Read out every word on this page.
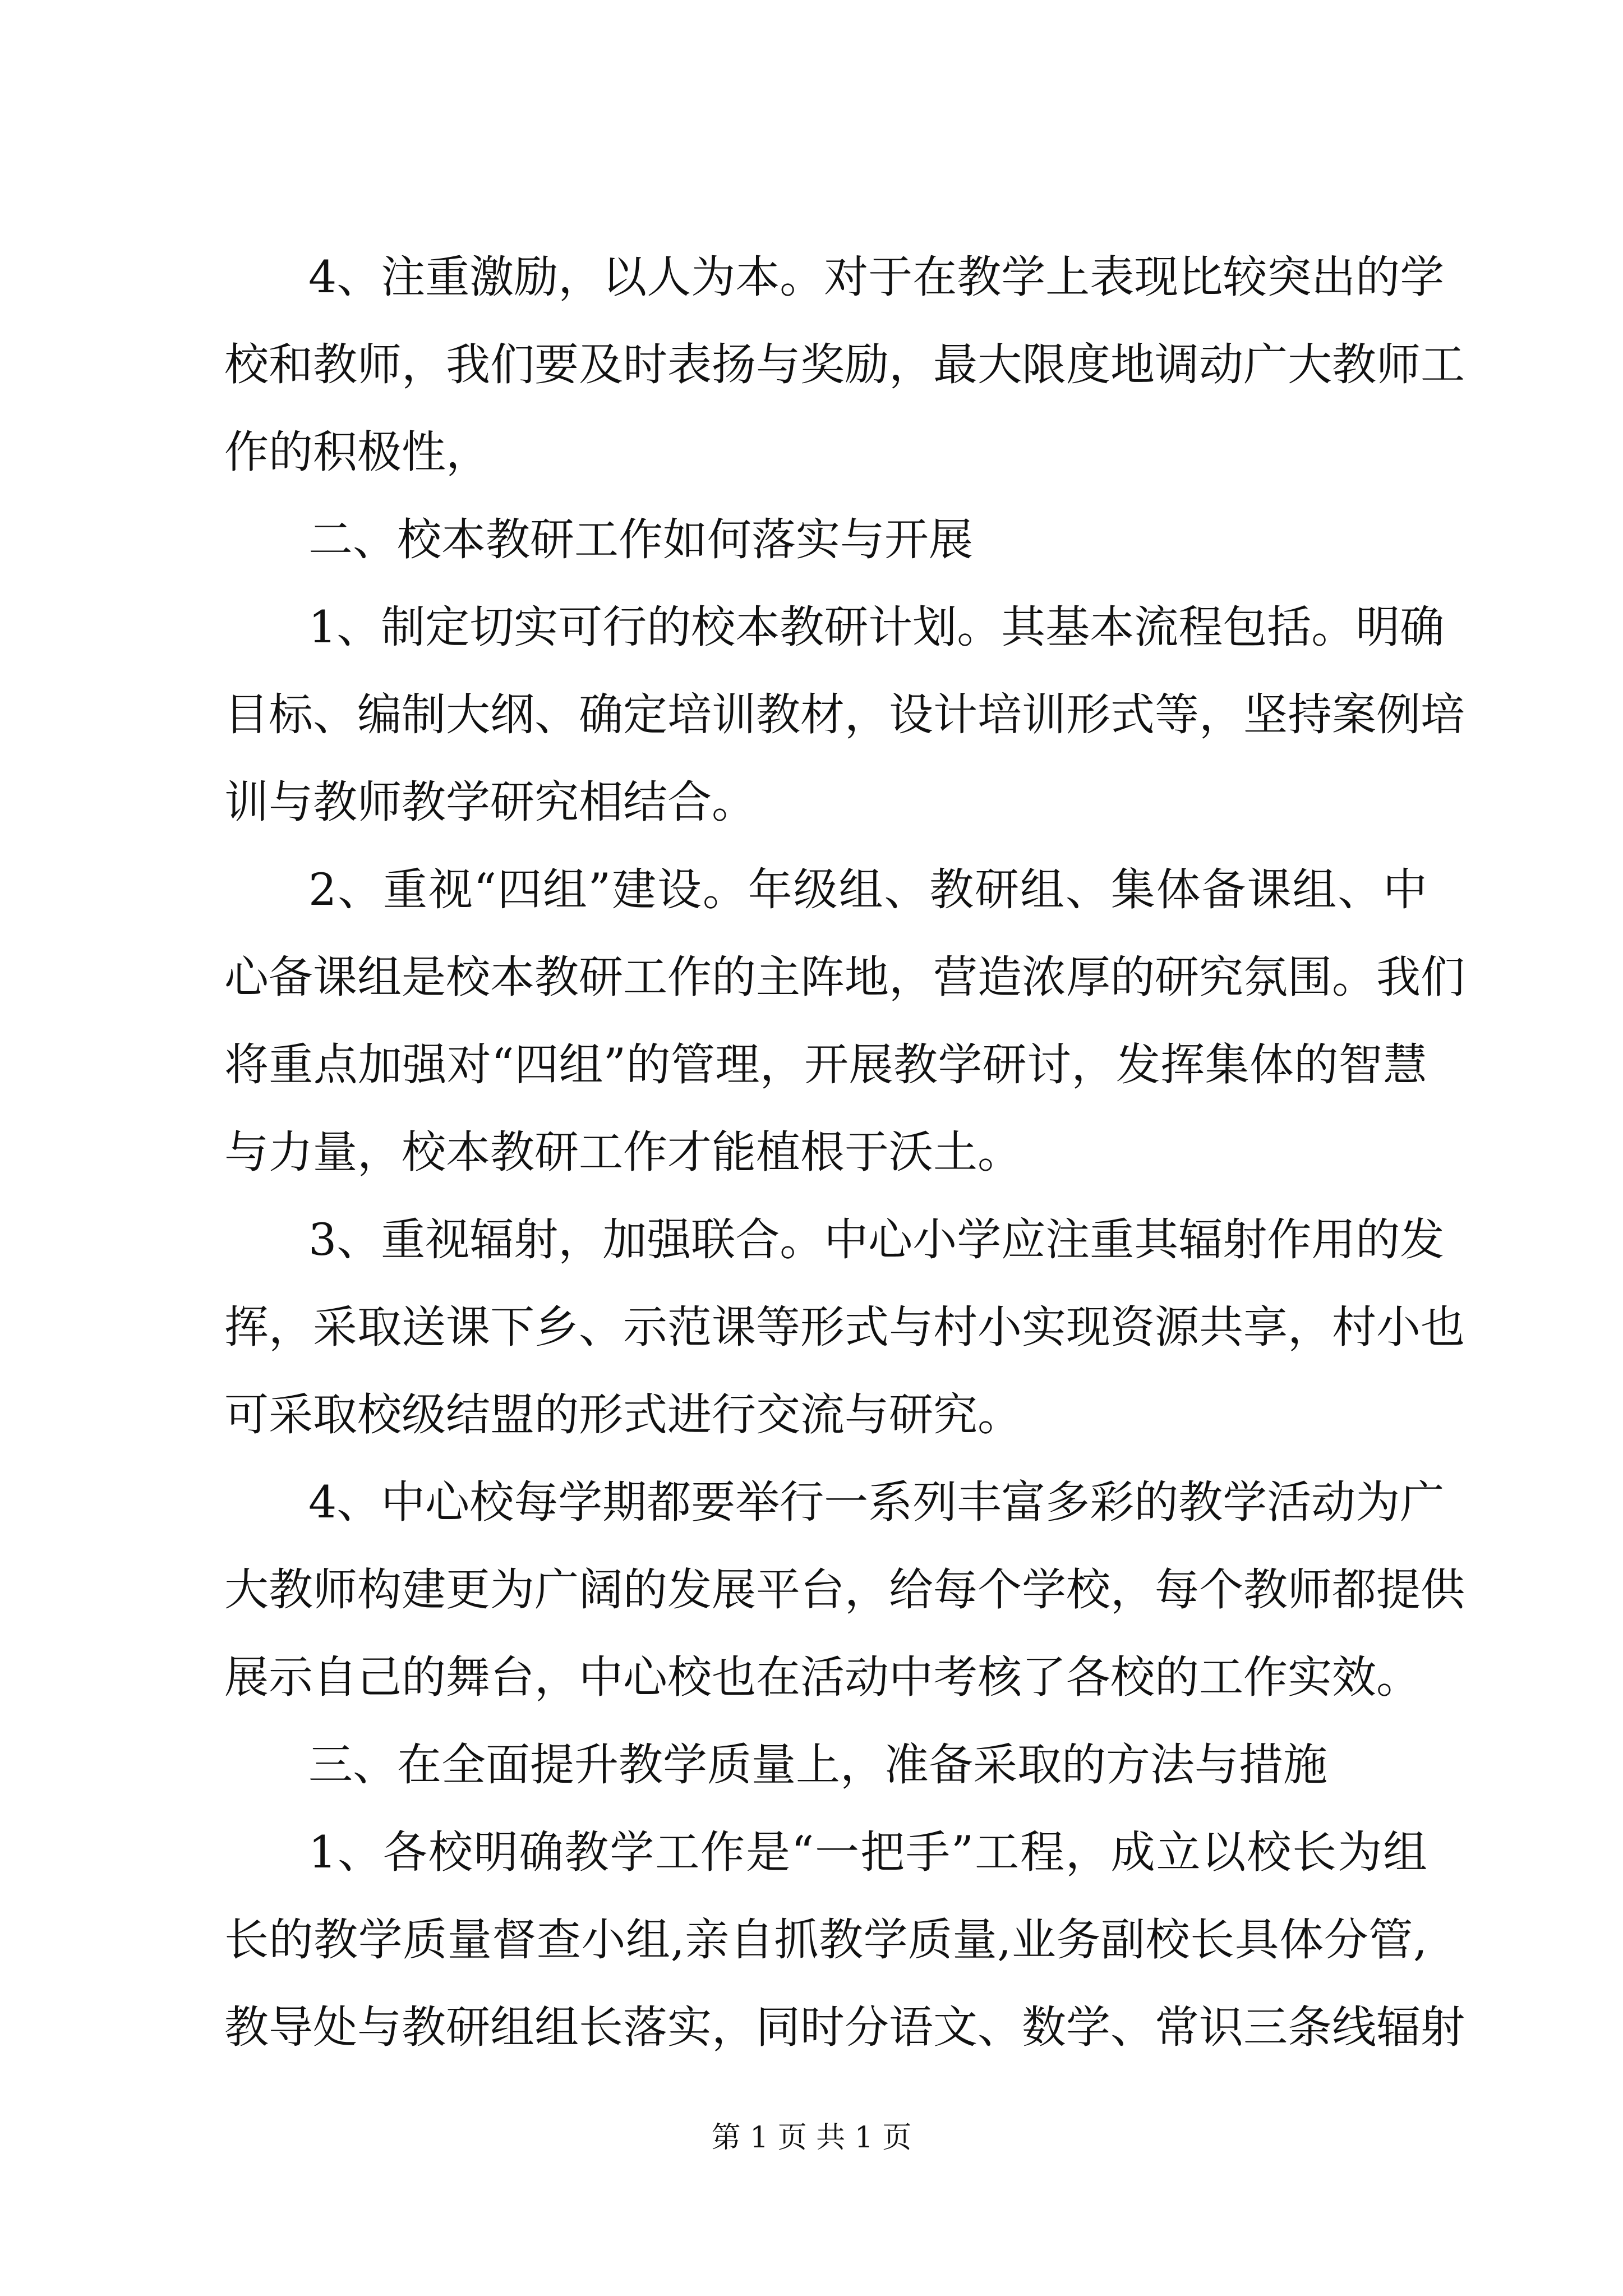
4、注重激励，以人为本。对于在教学上表现比较突出的学
校和教师，我们要及时表扬与奖励，最大限度地调动广大教师工
作的积极性，
二、校本教研工作如何落实与开展
1、制定切实可行的校本教研计划。其基本流程包括。明确
目标、编制大纲、确定培训教材，设计培训形式等，坚持案例培
训与教师教学研究相结合。
2、重视“四组”建设。年级组、教研组、集体备课组、中
心备课组是校本教研工作的主阵地，营造浓厚的研究氛围。我们
将重点加强对“四组”的管理，开展教学研讨，发挥集体的智慧
与力量，校本教研工作才能植根于沃土。
3、重视辐射，加强联合。中心小学应注重其辐射作用的发
挥，采取送课下乡、示范课等形式与村小实现资源共享，村小也
可采取校级结盟的形式进行交流与研究。
4、中心校每学期都要举行一系列丰富多彩的教学活动为广
大教师构建更为广阔的发展平台，给每个学校，每个教师都提供
展示自己的舞台，中心校也在活动中考核了各校的工作实效。
三、在全面提升教学质量上，准备采取的方法与措施
1、各校明确教学工作是“一把手”工程，成立以校长为组
长的教学质量督查小组,亲自抓教学质量,业务副校长具体分管,
教导处与教研组组长落实，同时分语文、数学、常识三条线辐射
第 1 页 共 1 页
